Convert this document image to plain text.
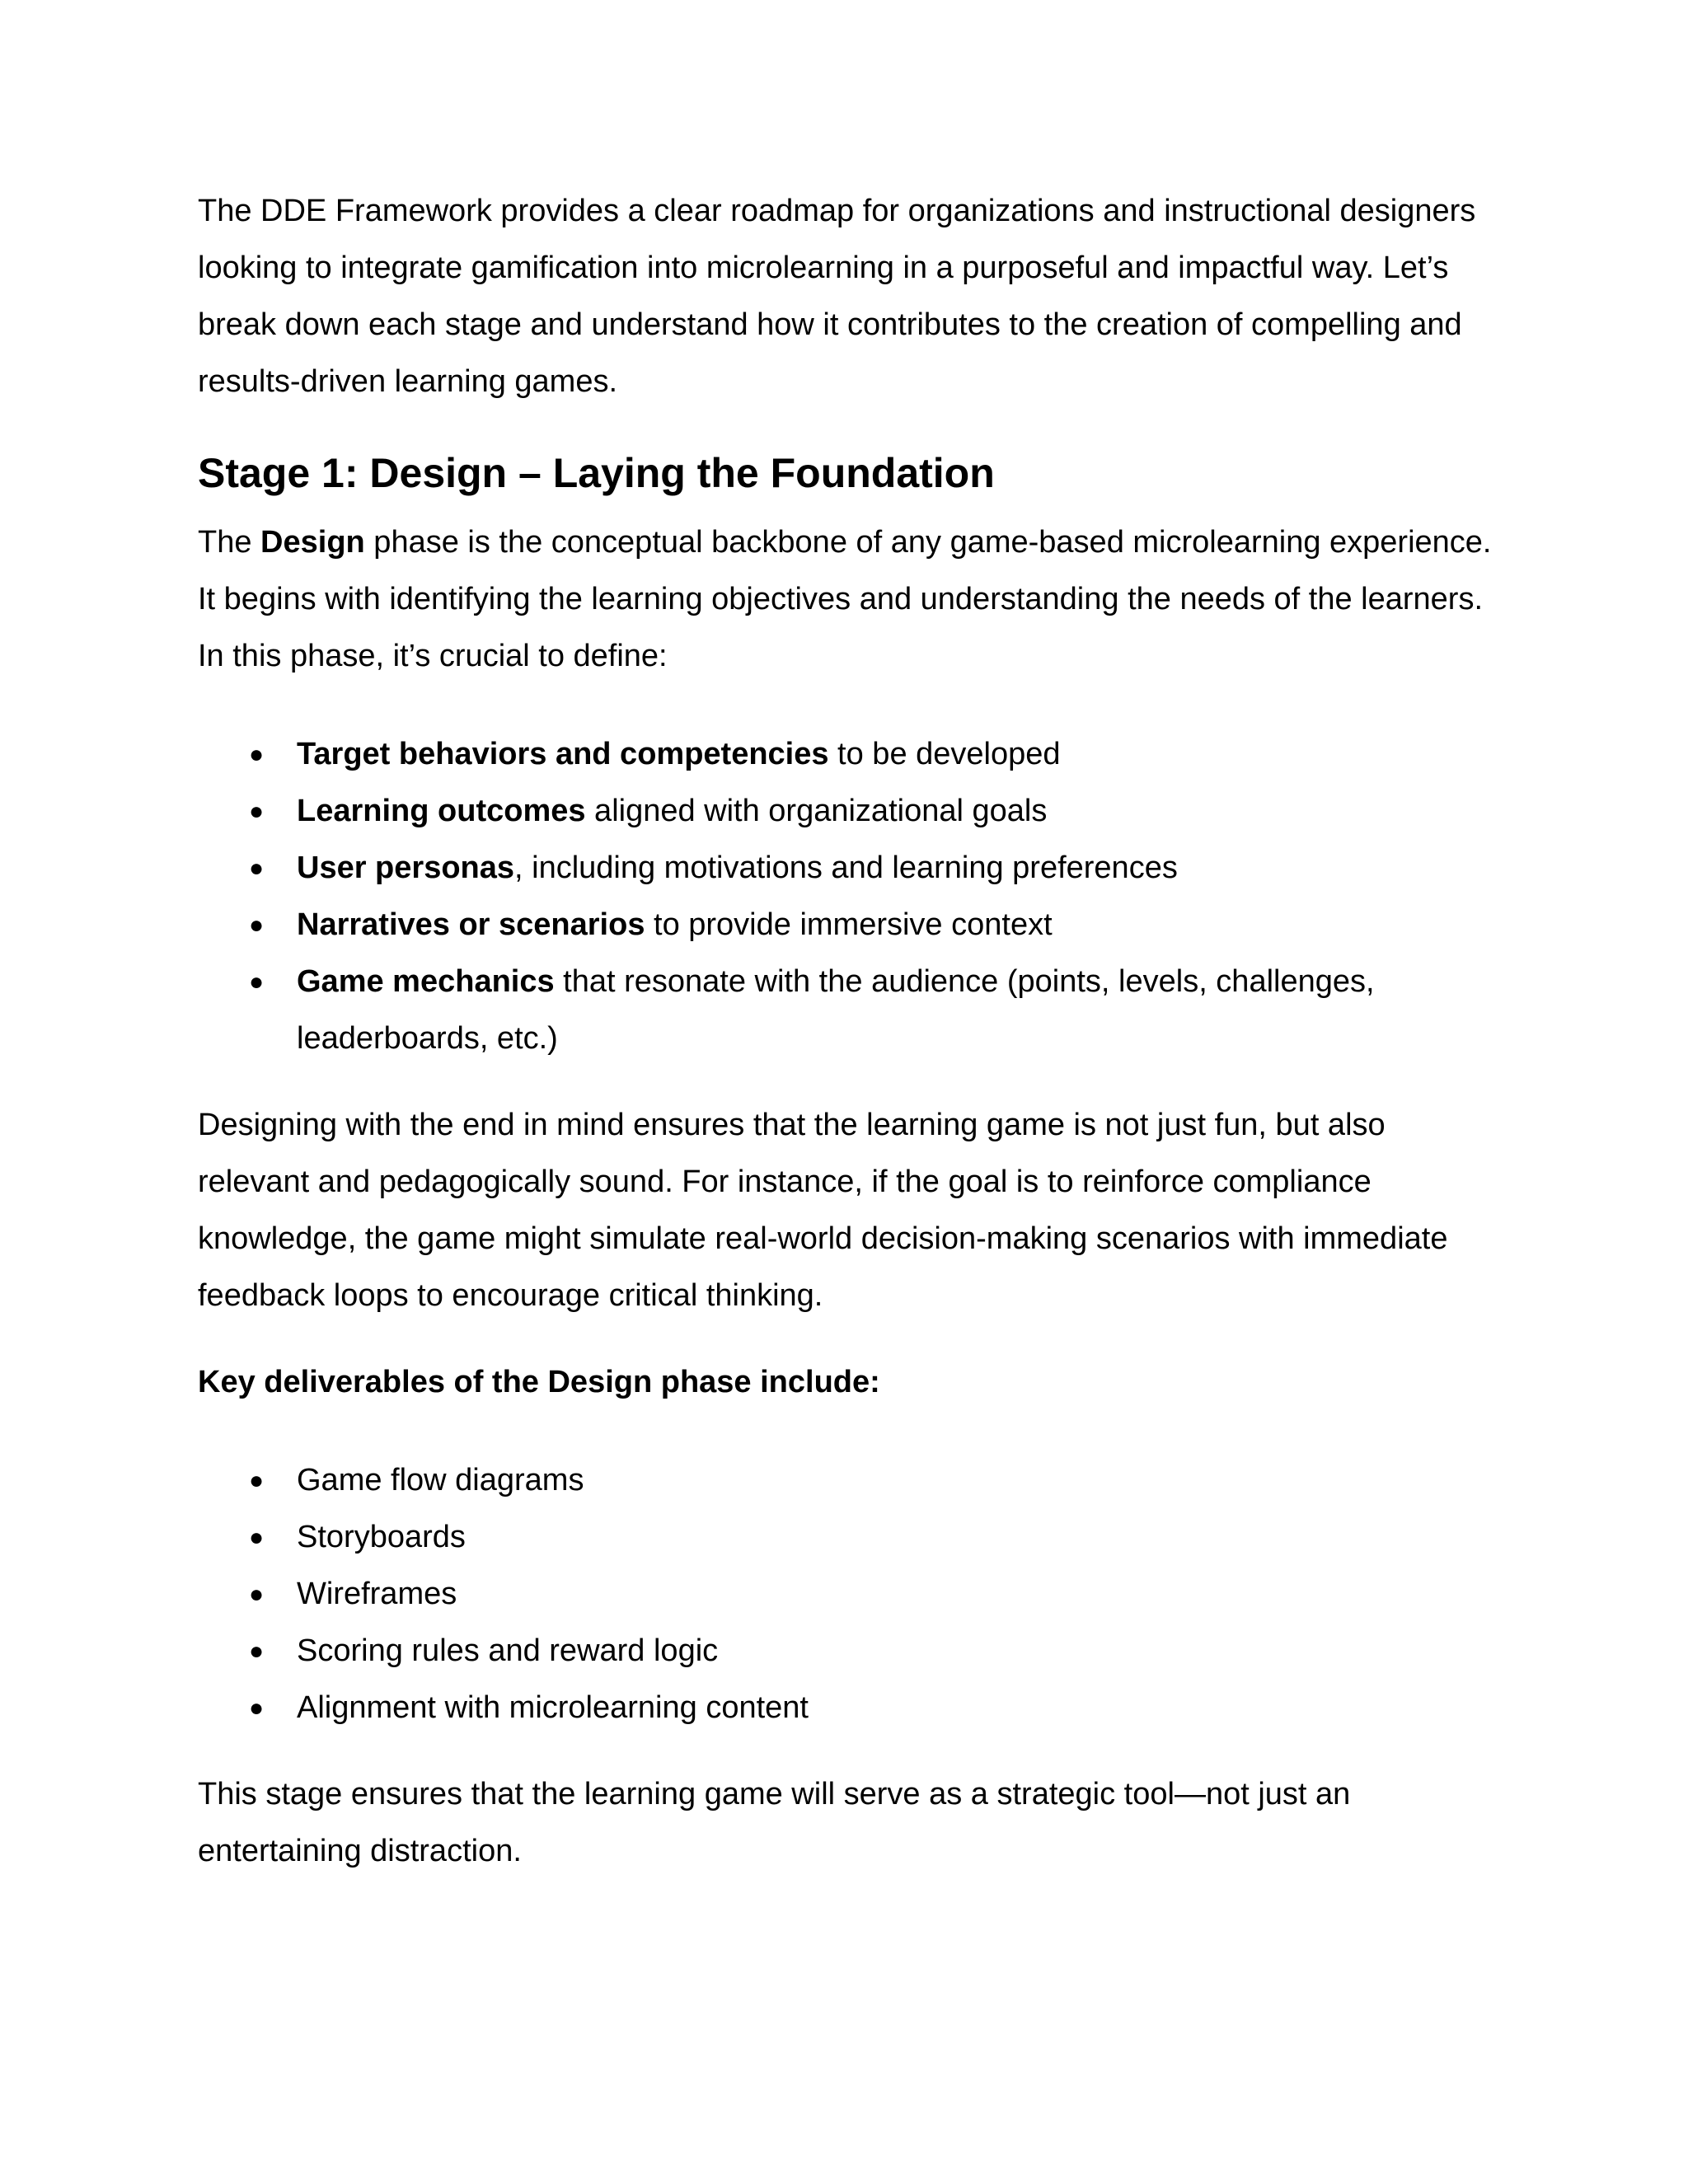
The DDE Framework provides a clear roadmap for organizations and instructional designers looking to integrate gamification into microlearning in a purposeful and impactful way. Let’s break down each stage and understand how it contributes to the creation of compelling and results-driven learning games.

Stage 1: Design – Laying the Foundation

The Design phase is the conceptual backbone of any game-based microlearning experience. It begins with identifying the learning objectives and understanding the needs of the learners. In this phase, it’s crucial to define:

● Target behaviors and competencies to be developed
● Learning outcomes aligned with organizational goals
● User personas, including motivations and learning preferences
● Narratives or scenarios to provide immersive context
● Game mechanics that resonate with the audience (points, levels, challenges, leaderboards, etc.)

Designing with the end in mind ensures that the learning game is not just fun, but also relevant and pedagogically sound. For instance, if the goal is to reinforce compliance knowledge, the game might simulate real-world decision-making scenarios with immediate feedback loops to encourage critical thinking.

Key deliverables of the Design phase include:

● Game flow diagrams
● Storyboards
● Wireframes
● Scoring rules and reward logic
● Alignment with microlearning content

This stage ensures that the learning game will serve as a strategic tool—not just an entertaining distraction.
